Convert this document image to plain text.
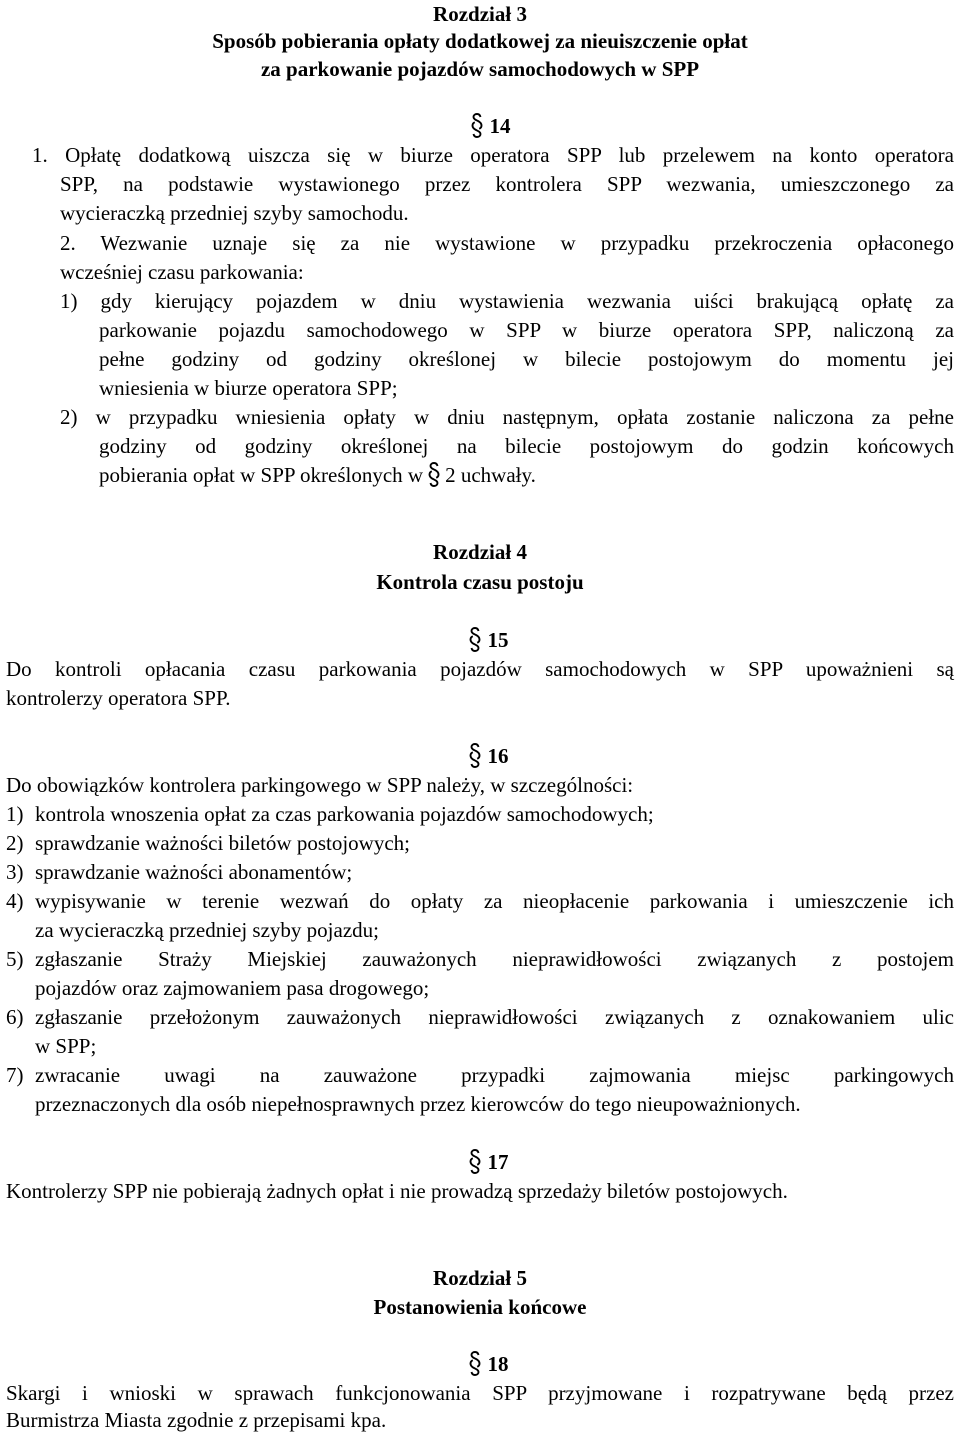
Rozdział 3
Sposób pobierania opłaty dodatkowej za nieuiszczenie opłat
za parkowanie pojazdów samochodowych w SPP
14
1. Opłatę dodatkową uiszcza się w biurze operatora SPP lub przelewem na konto operatora
SPP, na podstawie wystawionego przez kontrolera SPP wezwania, umieszczonego za
wycieraczką przedniej szyby samochodu.
2. Wezwanie uznaje się za nie wystawione w przypadku przekroczenia opłaconego
wcześniej czasu parkowania:
1) gdy kierujący pojazdem w dniu wystawienia wezwania uiści brakującą opłatę za
parkowanie pojazdu samochodowego w SPP w biurze operatora SPP, naliczoną za
pełne godziny od godziny określonej w bilecie postojowym do momentu jej
wniesienia w biurze operatora SPP;
2) w przypadku wniesienia opłaty w dniu następnym, opłata zostanie naliczona za pełne
godziny od godziny określonej na bilecie postojowym do godzin końcowych
pobierania opłat w SPP określonych w 2 uchwały.
Rozdział 4
Kontrola czasu postoju
15
Do kontroli opłacania czasu parkowania pojazdów samochodowych w SPP upoważnieni są
kontrolerzy operatora SPP.
16
Do obowiązków kontrolera parkingowego w SPP należy, w szczególności:
1) kontrola wnoszenia opłat za czas parkowania pojazdów samochodowych;
2) sprawdzanie ważności biletów postojowych;
3) sprawdzanie ważności abonamentów;
4) wypisywanie w terenie wezwań do opłaty za nieopłacenie parkowania i umieszczenie ich
za wycieraczką przedniej szyby pojazdu;
5) zgłaszanie Straży Miejskiej zauważonych nieprawidłowości związanych z postojem
pojazdów oraz zajmowaniem pasa drogowego;
6) zgłaszanie przełożonym zauważonych nieprawidłowości związanych z oznakowaniem ulic
w SPP;
7) zwracanie uwagi na zauważone przypadki zajmowania miejsc parkingowych
przeznaczonych dla osób niepełnosprawnych przez kierowców do tego nieupoważnionych.
17
Kontrolerzy SPP nie pobierają żadnych opłat i nie prowadzą sprzedaży biletów postojowych.
Rozdział 5
Postanowienia końcowe
18
Skargi i wnioski w sprawach funkcjonowania SPP przyjmowane i rozpatrywane będą przez
Burmistrza Miasta zgodnie z przepisami kpa.
